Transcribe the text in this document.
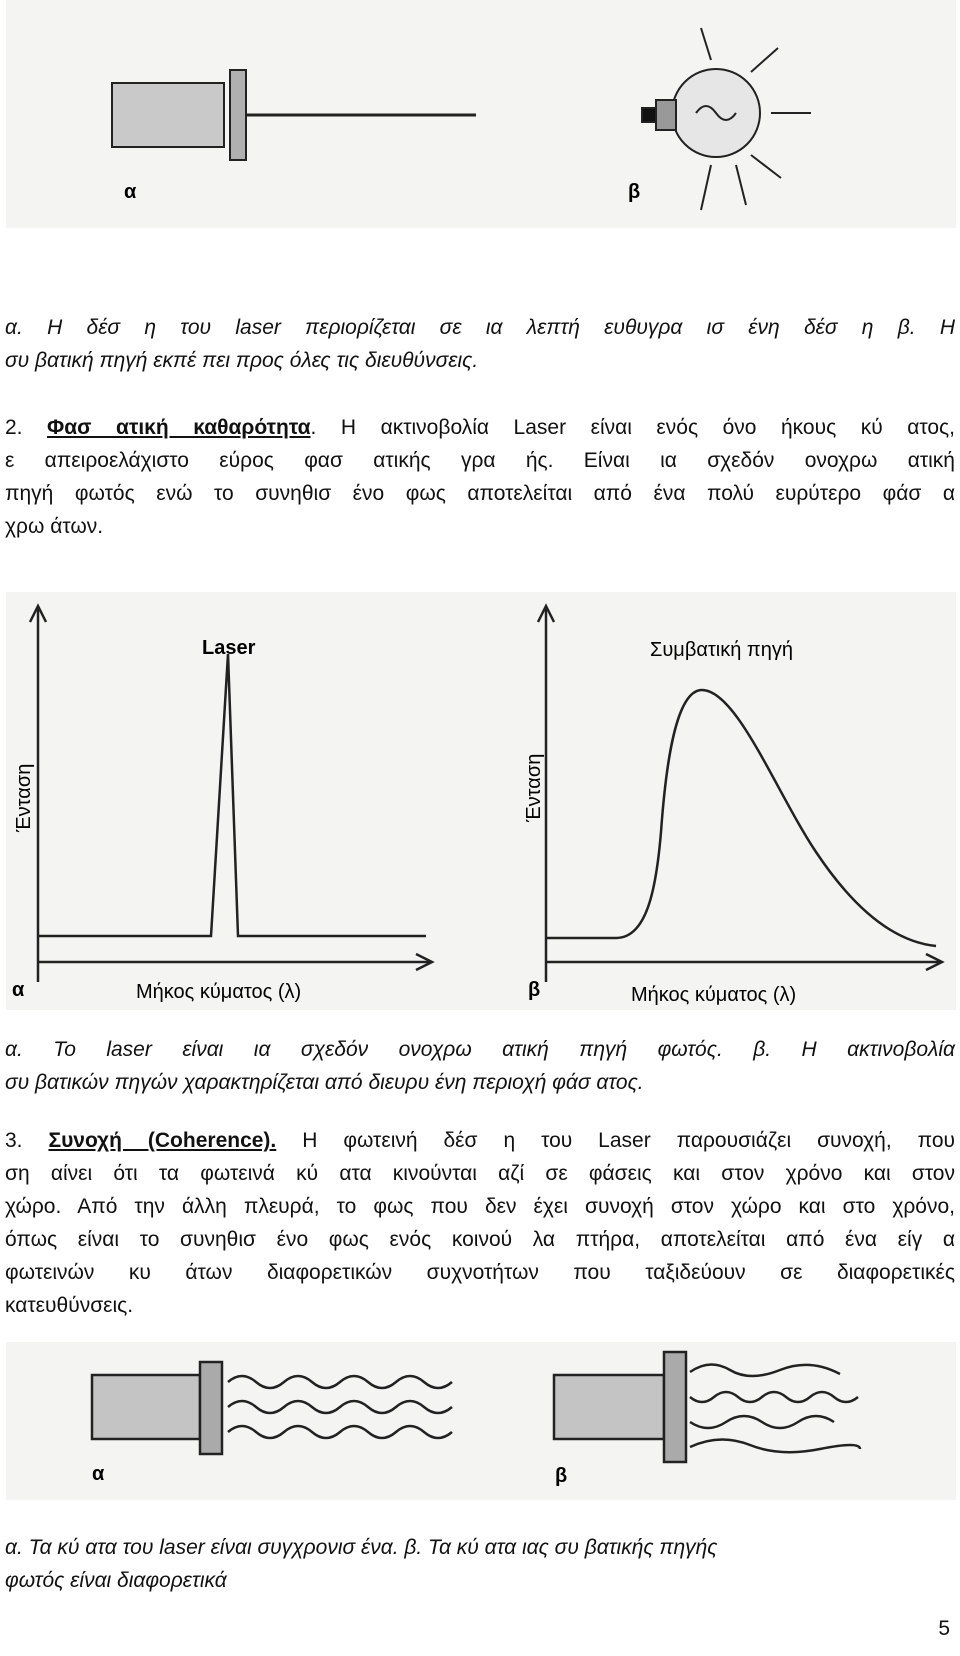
α	β
α. Η δέσ η του laser περιορίζεται σε ια λεπτή ευθυγρα ισ ένη δέσ η β. Η
συ βατική πηγή εκπέ πει προς όλες τις διευθύνσεις.
2. Φασ ατική καθαρότητα. Η ακτινοβολία Laser είναι ενός όνο ήκους κύ ατος,
ε απειροελάχιστο εύρος φασ ατικής γρα ής. Είναι ια σχεδόν ονοχρω ατική
πηγή φωτός ενώ το συνηθισ ένο φως αποτελείται από ένα πολύ ευρύτερο φάσ α
χρω άτων.
Laser	Συμβατική πηγή
Ένταση	Ένταση
Μήκος κύματος (λ)	Μήκος κύματος (λ)
α	β
α. Το laser είναι ια σχεδόν ονοχρω ατική πηγή φωτός. β. Η ακτινοβολία
συ βατικών πηγών χαρακτηρίζεται από διευρυ ένη περιοχή φάσ ατος.
3. Συνοχή (Coherence). Η φωτεινή δέσ η του Laser παρουσιάζει συνοχή, που
ση αίνει ότι τα φωτεινά κύ ατα κινούνται αζί σε φάσεις και στον χρόνο και στον
χώρο. Από την άλλη πλευρά, το φως που δεν έχει συνοχή στον χώρο και στο χρόνο,
όπως είναι το συνηθισ ένο φως ενός κοινού λα πτήρα, αποτελείται από ένα είγ α
φωτεινών κυ άτων διαφορετικών συχνοτήτων που ταξιδεύουν σε διαφορετικές
κατευθύνσεις.
α	β
α. Τα κύ ατα του laser είναι συγχρονισ ένα. β. Τα κύ ατα ιας συ βατικής πηγής
φωτός είναι διαφορετικά
5
